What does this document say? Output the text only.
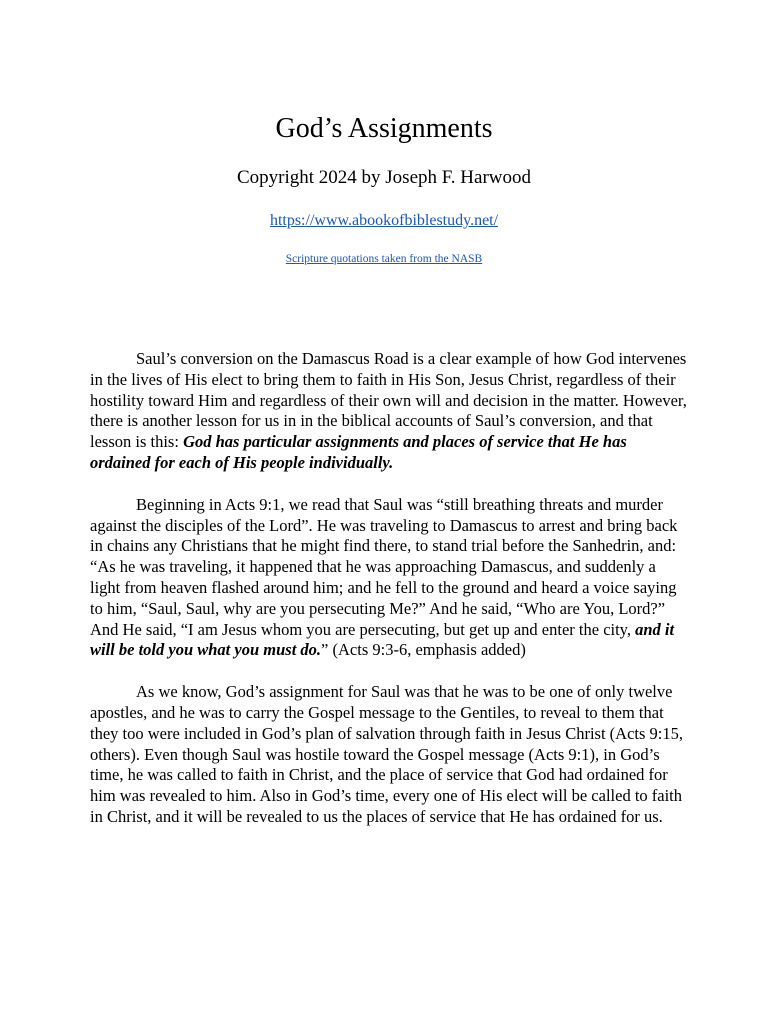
God’s Assignments
Copyright 2024 by Joseph F. Harwood
https://www.abookofbiblestudy.net/
Scripture quotations taken from the NASB

Saul’s conversion on the Damascus Road is a clear example of how God intervenes in the lives of His elect to bring them to faith in His Son, Jesus Christ, regardless of their hostility toward Him and regardless of their own will and decision in the matter. However, there is another lesson for us in in the biblical accounts of Saul’s conversion, and that lesson is this: God has particular assignments and places of service that He has ordained for each of His people individually.

Beginning in Acts 9:1, we read that Saul was “still breathing threats and murder against the disciples of the Lord”. He was traveling to Damascus to arrest and bring back in chains any Christians that he might find there, to stand trial before the Sanhedrin, and:

“As he was traveling, it happened that he was approaching Damascus, and suddenly a light from heaven flashed around him; and he fell to the ground and heard a voice saying to him, “Saul, Saul, why are you persecuting Me?” And he said, “Who are You, Lord?” And He said, “I am Jesus whom you are persecuting, but get up and enter the city, and it will be told you what you must do.” (Acts 9:3-6, emphasis added)

As we know, God’s assignment for Saul was that he was to be one of only twelve apostles, and he was to carry the Gospel message to the Gentiles, to reveal to them that they too were included in God’s plan of salvation through faith in Jesus Christ (Acts 9:15, others). Even though Saul was hostile toward the Gospel message (Acts 9:1), in God’s time, he was called to faith in Christ, and the place of service that God had ordained for him was revealed to him. Also in God’s time, every one of His elect will be called to faith in Christ, and it will be revealed to us the places of service that He has ordained for us.
